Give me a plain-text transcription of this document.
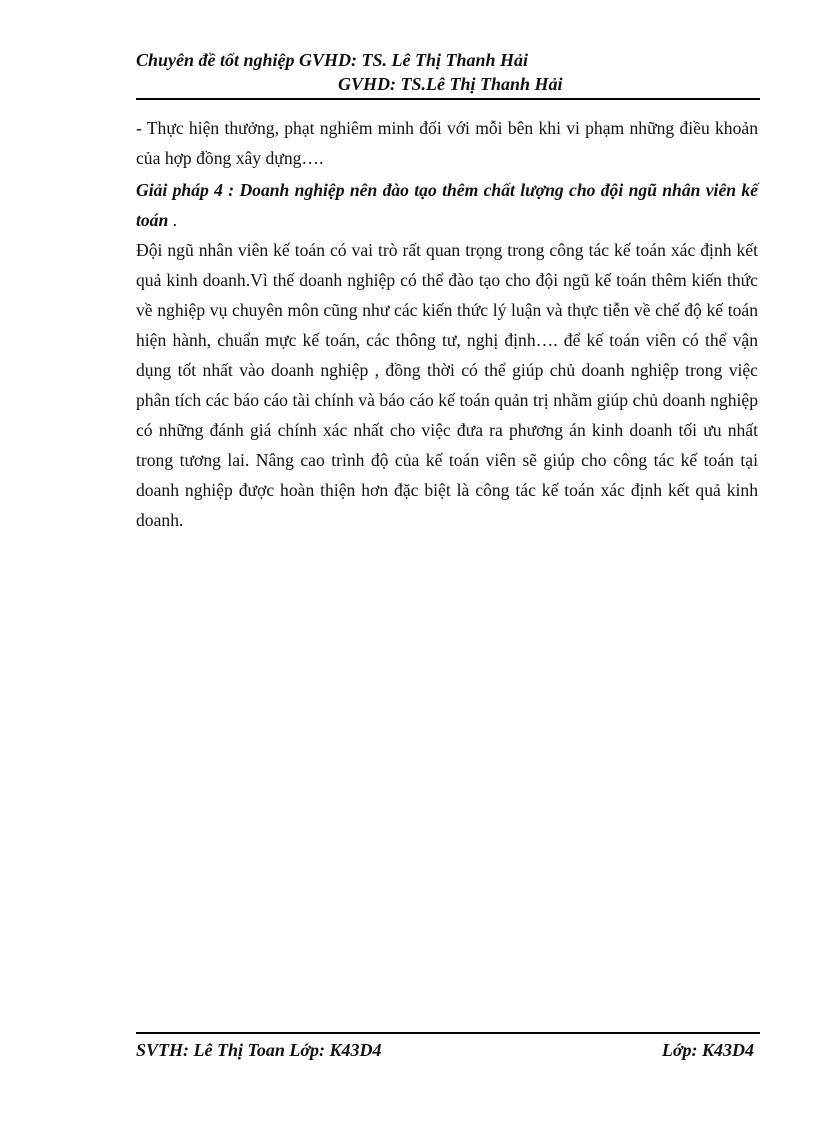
Chuyên đề tốt nghiệp GVHD: TS. Lê Thị Thanh Hải
GVHD: TS.Lê Thị Thanh Hải

- Thực hiện thưởng, phạt nghiêm minh đối với mỗi bên khi vi phạm những điều khoản của hợp đồng xây dựng….

Giải pháp 4 : Doanh nghiệp nên đào tạo thêm chất lượng cho đội ngũ nhân viên kế toán .

Đội ngũ nhân viên kế toán có vai trò rất quan trọng trong công tác kế toán xác định kết quả kinh doanh.Vì thế doanh nghiệp có thể đào tạo cho đội ngũ kế toán thêm kiến thức về nghiệp vụ chuyên môn cũng như các kiến thức lý luận và thực tiễn về chế độ kế toán hiện hành, chuẩn mực kế toán, các thông tư, nghị định…. để kế toán viên có thể vận dụng tốt nhất vào doanh nghiệp , đồng thời có thể giúp chủ doanh nghiệp trong việc phân tích các báo cáo tài chính và báo cáo kế toán quản trị nhằm giúp chủ doanh nghiệp có những đánh giá chính xác nhất cho việc đưa ra phương án kinh doanh tối ưu nhất trong tương lai. Nâng cao trình độ của kế toán viên sẽ giúp cho công tác kế toán tại doanh nghiệp được hoàn thiện hơn đặc biệt là công tác kế toán xác định kết quả kinh doanh.

SVTH: Lê Thị Toan Lớp: K43D4	Lớp: K43D4
